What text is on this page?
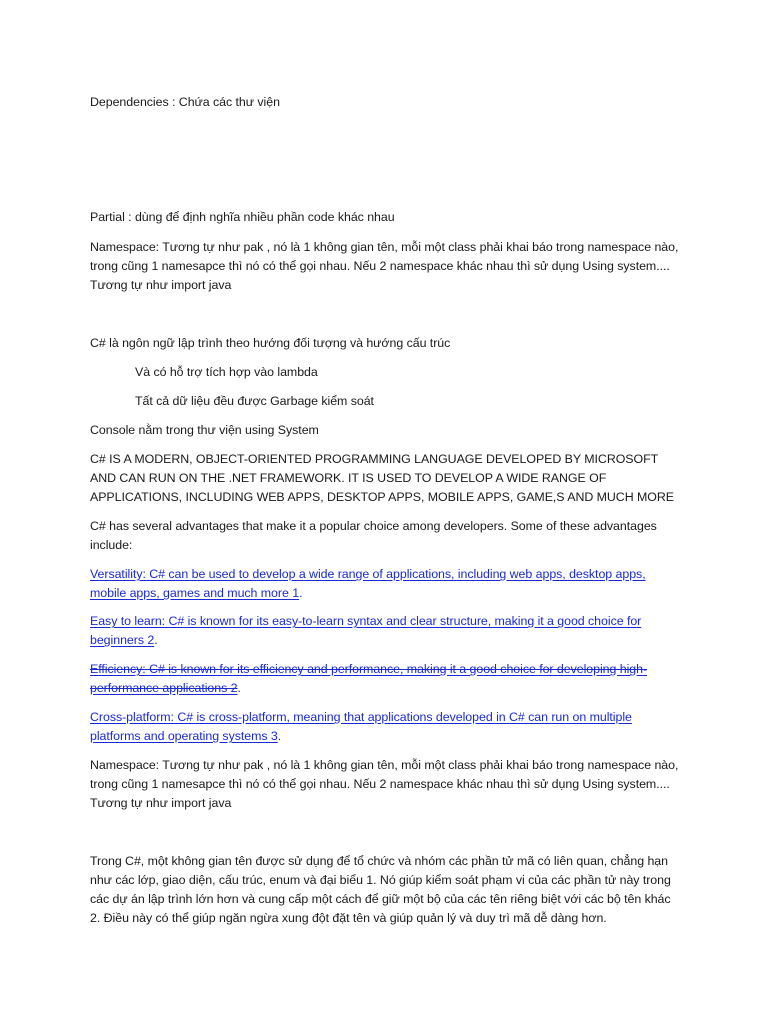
Dependencies : Chứa các thư viện

Partial : dùng để định nghĩa nhiều phần code khác nhau

Namespace: Tương tự như pak , nó là 1 không gian tên, mỗi một class phải khai báo trong namespace nào, trong cũng 1 namesapce thì nó có thể gọi nhau. Nếu 2 namespace khác nhau thì sử dụng Using system.... Tương tự như import java

C# là ngôn ngữ lập trình theo hướng đối tượng và hướng cấu trúc

Và có hỗ trợ tích hợp vào lambda

Tất cả dữ liệu đều được Garbage kiểm soát

Console nằm trong thư viện using System

C# IS A MODERN, OBJECT-ORIENTED PROGRAMMING LANGUAGE DEVELOPED BY MICROSOFT AND CAN RUN ON THE .NET FRAMEWORK. IT IS USED TO DEVELOP A WIDE RANGE OF APPLICATIONS, INCLUDING WEB APPS, DESKTOP APPS, MOBILE APPS, GAME,S AND MUCH MORE

C# has several advantages that make it a popular choice among developers. Some of these advantages include:

Versatility: C# can be used to develop a wide range of applications, including web apps, desktop apps, mobile apps, games and much more 1.

Easy to learn: C# is known for its easy-to-learn syntax and clear structure, making it a good choice for beginners 2.

Efficiency: C# is known for its efficiency and performance, making it a good choice for developing high-performance applications 2.

Cross-platform: C# is cross-platform, meaning that applications developed in C# can run on multiple platforms and operating systems 3.

Namespace: Tương tự như pak , nó là 1 không gian tên, mỗi một class phải khai báo trong namespace nào, trong cũng 1 namesapce thì nó có thể gọi nhau. Nếu 2 namespace khác nhau thì sử dụng Using system.... Tương tự như import java

Trong C#, một không gian tên được sử dụng để tổ chức và nhóm các phần tử mã có liên quan, chẳng hạn như các lớp, giao diện, cấu trúc, enum và đại biểu 1. Nó giúp kiểm soát phạm vi của các phần tử này trong các dự án lập trình lớn hơn và cung cấp một cách để giữ một bộ của các tên riêng biệt với các bộ tên khác 2. Điều này có thể giúp ngăn ngừa xung đột đặt tên và giúp quản lý và duy trì mã dễ dàng hơn.
